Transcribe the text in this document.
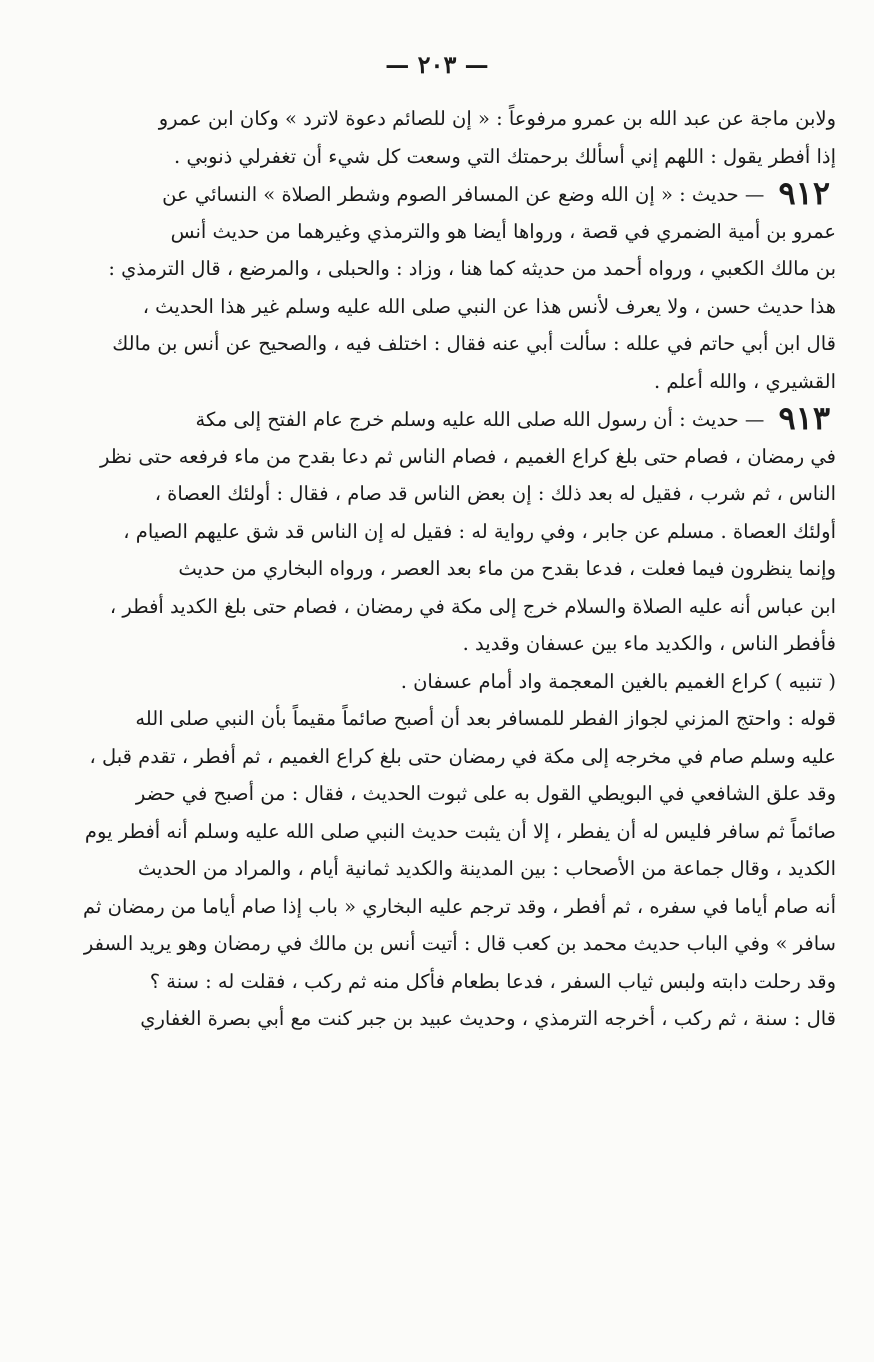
— ٢٠٣ —
ولابن ماجة عن عبد الله بن عمرو مرفوعاً : « إن للصائم دعوة لاترد » وكان ابن عمرو
إذا أفطر يقول : اللهم إني أسألك برحمتك التي وسعت كل شيء أن تغفرلي ذنوبي .
٩١٢— حديث : « إن الله وضع عن المسافر الصوم وشطر الصلاة » النسائي عن
عمرو بن أمية الضمري في قصة ، ورواها أيضا هو والترمذي وغيرهما من حديث أنس
بن مالك الكعبي ، ورواه أحمد من حديثه كما هنا ، وزاد : والحبلى ، والمرضع ، قال الترمذي :
هذا حديث حسن ، ولا يعرف لأنس هذا عن النبي صلى الله عليه وسلم غير هذا الحديث ،
قال ابن أبي حاتم في علله : سألت أبي عنه فقال : اختلف فيه ، والصحيح عن أنس بن مالك
القشيري ، والله أعلم .
٩١٣— حديث : أن رسول الله صلى الله عليه وسلم خرج عام الفتح إلى مكة
في رمضان ، فصام حتى بلغ كراع الغميم ، فصام الناس ثم دعا بقدح من ماء فرفعه حتى نظر
الناس ، ثم شرب ، فقيل له بعد ذلك : إن بعض الناس قد صام ، فقال : أولئك العصاة ،
أولئك العصاة . مسلم عن جابر ، وفي رواية له : فقيل له إن الناس قد شق عليهم الصيام ،
وإنما ينظرون فيما فعلت ، فدعا بقدح من ماء بعد العصر ، ورواه البخاري من حديث
ابن عباس أنه عليه الصلاة والسلام خرج إلى مكة في رمضان ، فصام حتى بلغ الكديد أفطر ،
فأفطر الناس ، والكديد ماء بين عسفان وقديد .
( تنبيه ) كراع الغميم بالغين المعجمة واد أمام عسفان .
قوله : واحتج المزني لجواز الفطر للمسافر بعد أن أصبح صائماً مقيماً بأن النبي صلى الله
عليه وسلم صام في مخرجه إلى مكة في رمضان حتى بلغ كراع الغميم ، ثم أفطر ، تقدم قبل ،
وقد علق الشافعي في البويطي القول به على ثبوت الحديث ، فقال : من أصبح في حضر
صائماً ثم سافر فليس له أن يفطر ، إلا أن يثبت حديث النبي صلى الله عليه وسلم أنه أفطر يوم
الكديد ، وقال جماعة من الأصحاب : بين المدينة والكديد ثمانية أيام ، والمراد من الحديث
أنه صام أياما في سفره ، ثم أفطر ، وقد ترجم عليه البخاري « باب إذا صام أياما من رمضان ثم
سافر » وفي الباب حديث محمد بن كعب قال : أتيت أنس بن مالك في رمضان وهو يريد السفر
وقد رحلت دابته ولبس ثياب السفر ، فدعا بطعام فأكل منه ثم ركب ، فقلت له : سنة ؟
قال : سنة ، ثم ركب ، أخرجه الترمذي ، وحديث عبيد بن جبر كنت مع أبي بصرة الغفاري
